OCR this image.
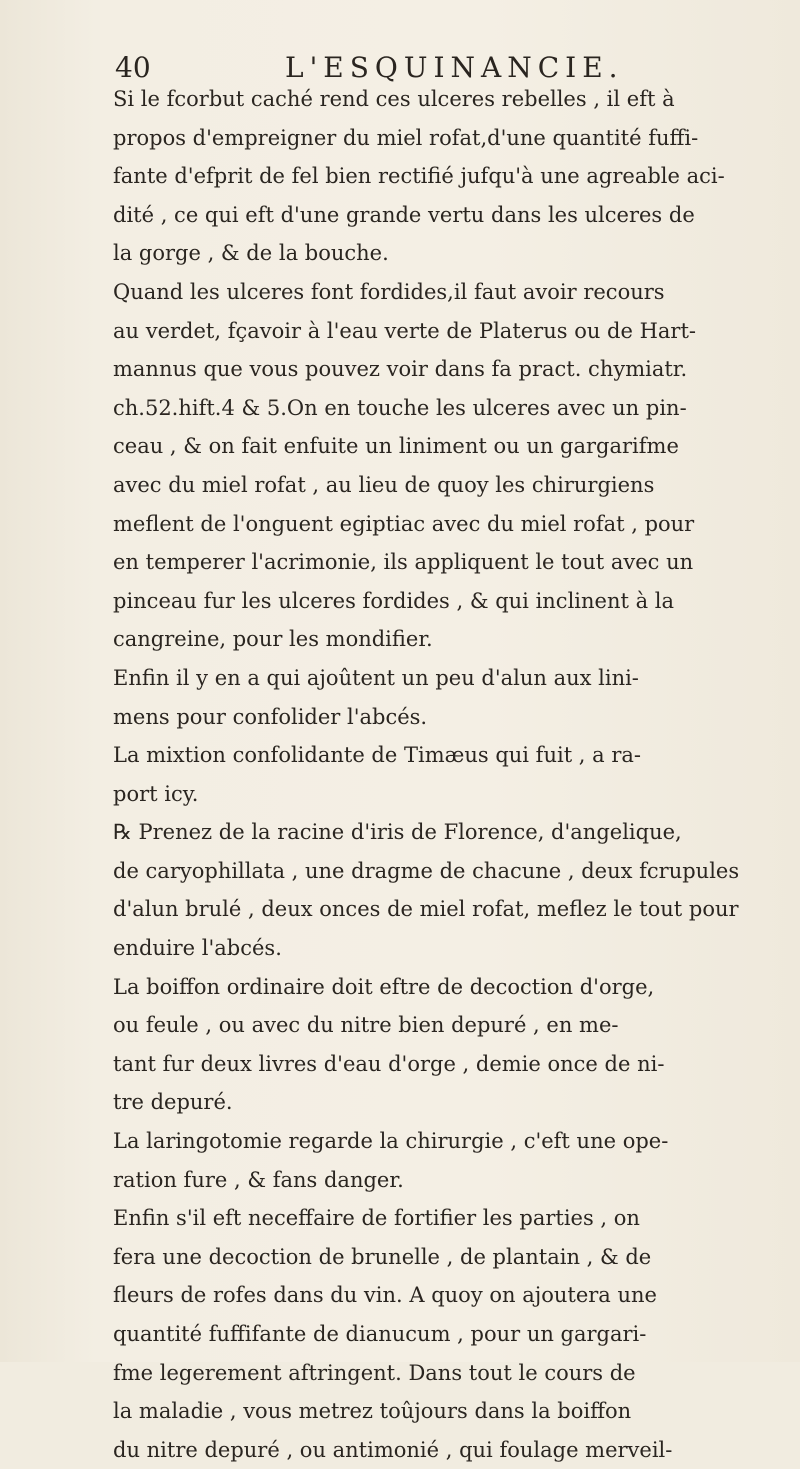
40	L'ESQUINANCIE.
Si le fcorbut caché rend ces ulceres rebelles , il eft à
propos d'empreigner du miel rofat,d'une quantité fuffi-
fante d'efprit de fel bien rectifié jufqu'à une agreable aci-
dité , ce qui eft d'une grande vertu dans les ulceres de
la gorge , & de la bouche.
Quand les ulceres font fordides,il faut avoir recours
au verdet, fçavoir à l'eau verte de Platerus ou de Hart-
mannus que vous pouvez voir dans fa pract. chymiatr.
ch.52.hift.4 & 5.On en touche les ulceres avec un pin-
ceau , & on fait enfuite un liniment ou un gargarifme
avec du miel rofat , au lieu de quoy les chirurgiens
meflent de l'onguent egiptiac avec du miel rofat , pour
en temperer l'acrimonie, ils appliquent le tout avec un
pinceau fur les ulceres fordides , & qui inclinent à la
cangreine, pour les mondifier.
Enfin il y en a qui ajoûtent un peu d'alun aux lini-
mens pour confolider l'abcés.
La mixtion confolidante de Timæus qui fuit , a ra-
port icy.
℞ Prenez de la racine d'iris de Florence, d'angelique,
de caryophillata , une dragme de chacune , deux fcrupules
d'alun brulé , deux onces de miel rofat, meflez le tout pour
enduire l'abcés.
La boiffon ordinaire doit eftre de decoction d'orge,
ou feule , ou avec du nitre bien depuré , en me-
tant fur deux livres d'eau d'orge , demie once de ni-
tre depuré.
La laringotomie regarde la chirurgie , c'eft une ope-
ration fure , & fans danger.
Enfin s'il eft neceffaire de fortifier les parties , on
fera une decoction de brunelle , de plantain , & de
fleurs de rofes dans du vin. A quoy on ajoutera une
quantité fuffifante de dianucum , pour un gargari-
fme legerement aftringent. Dans tout le cours de
la maladie , vous metrez toûjours dans la boiffon
du nitre depuré , ou antimonié , qui foulage merveil-
